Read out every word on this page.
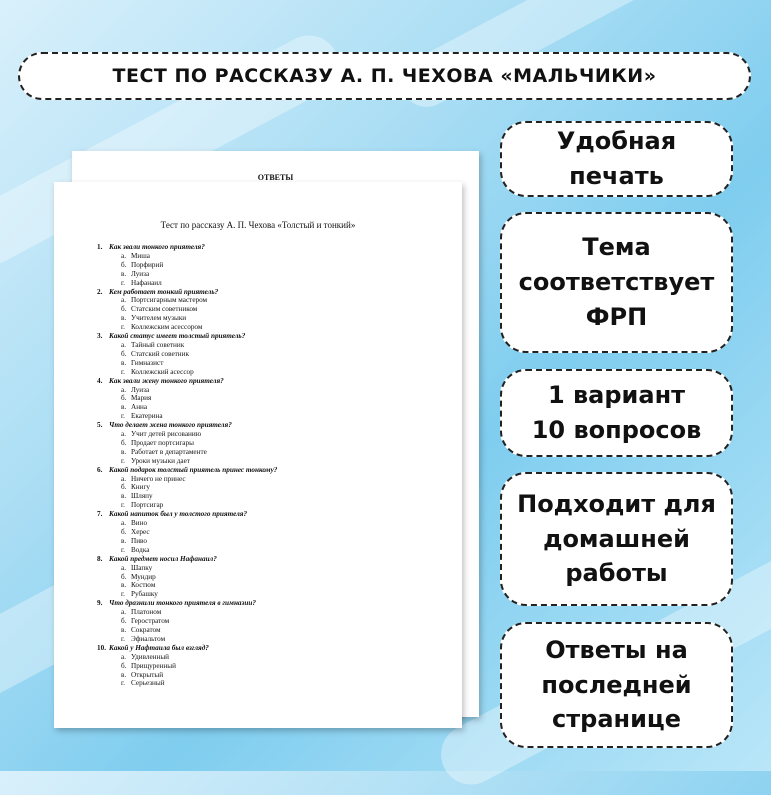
ТЕСТ ПО РАССКАЗУ А. П. ЧЕХОВА «МАЛЬЧИКИ»
ОТВЕТЫ
Тест по рассказу А. П. Чехова «Толстый и тонкий»
1. Как звали тонкого приятеля?
а. Миша
б. Порфирий
в. Луиза
г. Нафанаил
2. Кем работает тонкий приятель?
а. Портсигарным мастером
б. Статским советником
в. Учителем музыки
г. Коллежским асессором
3. Какой статус имеет толстый приятель?
а. Тайный советник
б. Статский советник
в. Гимназист
г. Коллежский асессор
4. Как звали жену тонкого приятеля?
а. Луиза
б. Мария
в. Анна
г. Екатерина
5. Что делает жена тонкого приятеля?
а. Учит детей рисованию
б. Продает портсигары
в. Работает в департаменте
г. Уроки музыки дает
6. Какой подарок толстый приятель принес тонкому?
а. Ничего не принес
б. Книгу
в. Шляпу
г. Портсигар
7. Какой напиток был у толстого приятеля?
а. Вино
б. Херес
в. Пиво
г. Водка
8. Какой предмет носил Нафанаил?
а. Шапку
б. Мундир
в. Костюм
г. Рубашку
9. Что дразнили тонкого приятеля в гимназии?
а. Платоном
б. Геростратом
в. Сократом
г. Эфиальтом
10. Какой у Нафтаила был взгляд?
а. Удивленный
б. Прищуренный
в. Открытый
г. Серьезный
Удобная
печать
Тема
соответствует
ФРП
1 вариант
10 вопросов
Подходит для
домашней
работы
Ответы на
последней
странице
